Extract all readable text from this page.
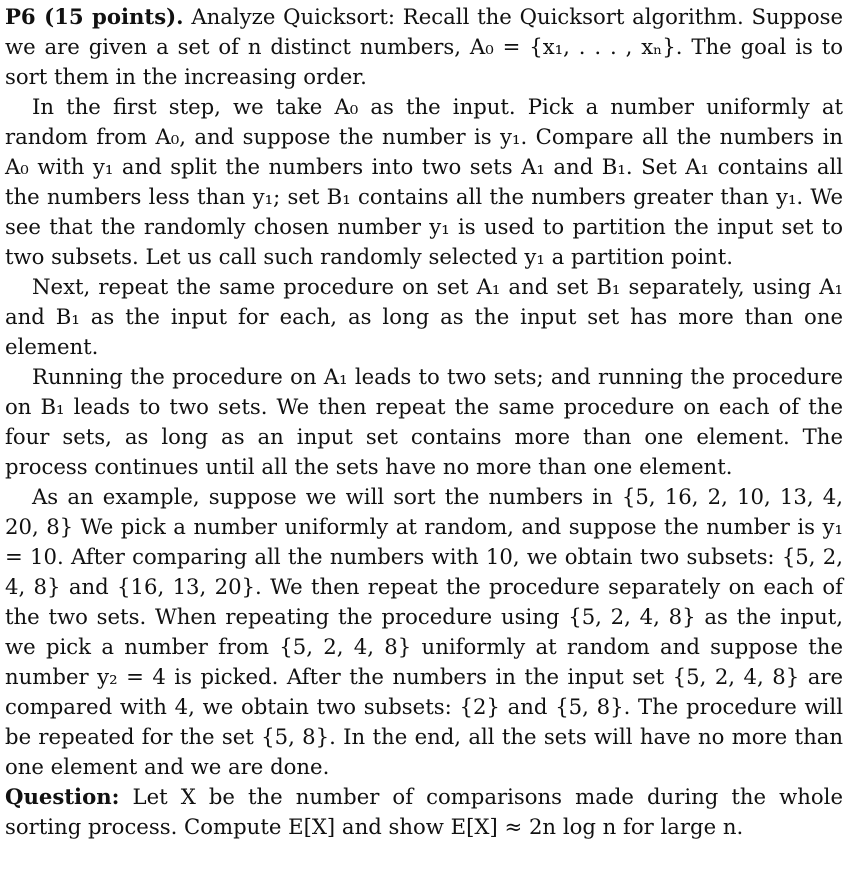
P6 (15 points). Analyze Quicksort: Recall the Quicksort algorithm. Suppose we are given a set of n distinct numbers, A₀ = {x₁, . . . , xₙ}. The goal is to sort them in the increasing order.

In the first step, we take A₀ as the input. Pick a number uniformly at random from A₀, and suppose the number is y₁. Compare all the numbers in A₀ with y₁ and split the numbers into two sets A₁ and B₁. Set A₁ contains all the numbers less than y₁; set B₁ contains all the numbers greater than y₁. We see that the randomly chosen number y₁ is used to partition the input set to two subsets. Let us call such randomly selected y₁ a partition point.

Next, repeat the same procedure on set A₁ and set B₁ separately, using A₁ and B₁ as the input for each, as long as the input set has more than one element.

Running the procedure on A₁ leads to two sets; and running the procedure on B₁ leads to two sets. We then repeat the same procedure on each of the four sets, as long as an input set contains more than one element. The process continues until all the sets have no more than one element.

As an example, suppose we will sort the numbers in {5, 16, 2, 10, 13, 4, 20, 8} We pick a number uniformly at random, and suppose the number is y₁ = 10. After comparing all the numbers with 10, we obtain two subsets: {5, 2, 4, 8} and {16, 13, 20}. We then repeat the procedure separately on each of the two sets. When repeating the procedure using {5, 2, 4, 8} as the input, we pick a number from {5, 2, 4, 8} uniformly at random and suppose the number y₂ = 4 is picked. After the numbers in the input set {5, 2, 4, 8} are compared with 4, we obtain two subsets: {2} and {5, 8}. The procedure will be repeated for the set {5, 8}. In the end, all the sets will have no more than one element and we are done.

Question: Let X be the number of comparisons made during the whole sorting process. Compute E[X] and show E[X] ≈ 2n log n for large n.
